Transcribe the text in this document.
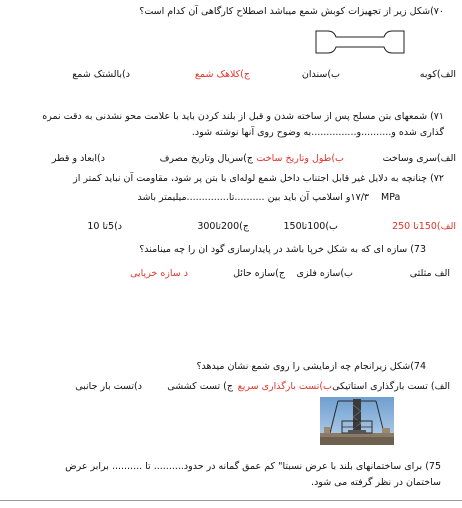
۷۰)شکل زیر از تجهیزات کوبش شمع میباشد اصطلاح کارگاهی آن کدام است؟
الف)کوبه
ب)سندان
ج)کلاهک شمع
د)بالشتک شمع
۷۱) شمعهای بتن مسلح پس از ساخته شدن و قبل از بلند کردن باید با علامت محو نشدنی به دقت نمره
گذاری شده و..........و...............به وضوح روی آنها نوشته شود.
الف)سری وساخت
ب)طول وتاریخ ساخت
ج)سریال وتاریخ مصرف
د)ابعاد و قطر
۷۲) چنانچه به دلایل غیر قابل اجتناب داخل شمع لوله‌ای با بتن پر شود، مقاومت آن نباید کمتر از
۱۷/۳و اسلامپ آن باید بین ..........تا..............میلیمتر باشد MPa
الف)150تا 250
ب)100تا150
ج)200تا300
د)5تا 10
73) سازه ای که به شکل خرپا باشد در پایدارسازی گود ان را چه مینامند؟
الف مثلثی
ب)سازه فلزی
ج)سازه حائل
د سازه خرپایی
74)شکل زیرانجام چه ازمایشی را روی شمع نشان میدهد؟
الف) تست بارگذاری استاتیکی
ب)تست بارگذاری سریع
ج) تست کششی
د)تست بار جانبی
75) برای ساختمانهای بلند با عرض نسبتا" کم عمق گمانه در حدود.......... تا .......... برابر عرض
ساختمان در نظر گرفته می شود.
